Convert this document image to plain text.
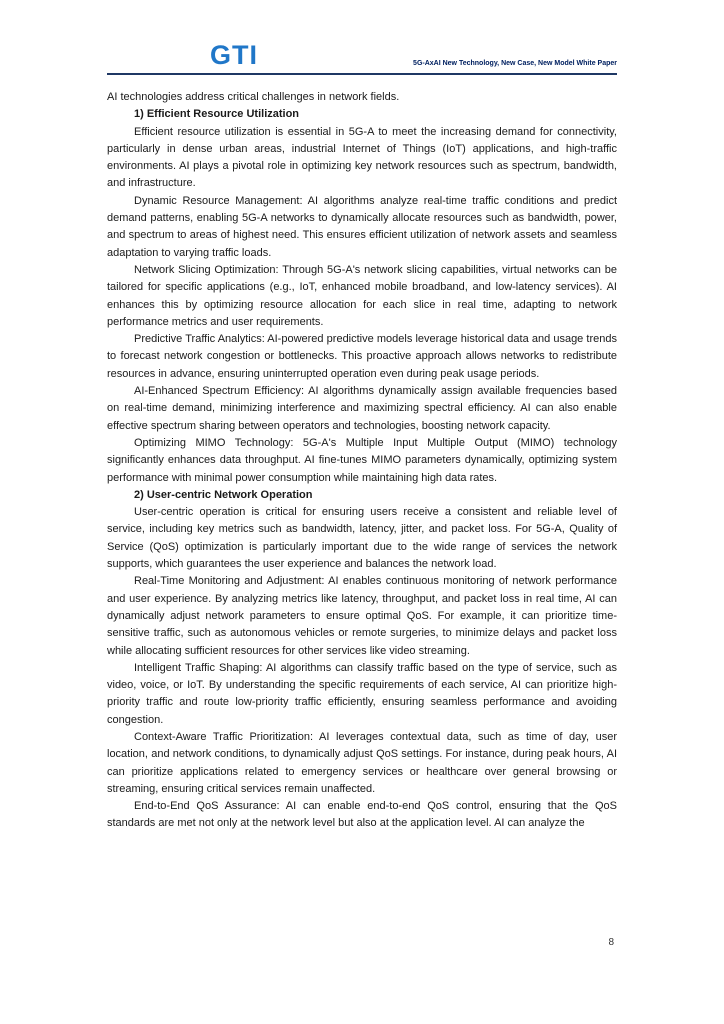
GTI	5G-AxAI New Technology, New Case, New Model White Paper

AI technologies address critical challenges in network fields.

1) Efficient Resource Utilization

Efficient resource utilization is essential in 5G-A to meet the increasing demand for connectivity, particularly in dense urban areas, industrial Internet of Things (IoT) applications, and high-traffic environments. AI plays a pivotal role in optimizing key network resources such as spectrum, bandwidth, and infrastructure.

Dynamic Resource Management: AI algorithms analyze real-time traffic conditions and predict demand patterns, enabling 5G-A networks to dynamically allocate resources such as bandwidth, power, and spectrum to areas of highest need. This ensures efficient utilization of network assets and seamless adaptation to varying traffic loads.

Network Slicing Optimization: Through 5G-A's network slicing capabilities, virtual networks can be tailored for specific applications (e.g., IoT, enhanced mobile broadband, and low-latency services). AI enhances this by optimizing resource allocation for each slice in real time, adapting to network performance metrics and user requirements.

Predictive Traffic Analytics: AI-powered predictive models leverage historical data and usage trends to forecast network congestion or bottlenecks. This proactive approach allows networks to redistribute resources in advance, ensuring uninterrupted operation even during peak usage periods.

AI-Enhanced Spectrum Efficiency: AI algorithms dynamically assign available frequencies based on real-time demand, minimizing interference and maximizing spectral efficiency. AI can also enable effective spectrum sharing between operators and technologies, boosting network capacity.

Optimizing MIMO Technology: 5G-A's Multiple Input Multiple Output (MIMO) technology significantly enhances data throughput. AI fine-tunes MIMO parameters dynamically, optimizing system performance with minimal power consumption while maintaining high data rates.

2) User-centric Network Operation

User-centric operation is critical for ensuring users receive a consistent and reliable level of service, including key metrics such as bandwidth, latency, jitter, and packet loss. For 5G-A, Quality of Service (QoS) optimization is particularly important due to the wide range of services the network supports, which guarantees the user experience and balances the network load.

Real-Time Monitoring and Adjustment: AI enables continuous monitoring of network performance and user experience. By analyzing metrics like latency, throughput, and packet loss in real time, AI can dynamically adjust network parameters to ensure optimal QoS. For example, it can prioritize time-sensitive traffic, such as autonomous vehicles or remote surgeries, to minimize delays and packet loss while allocating sufficient resources for other services like video streaming.

Intelligent Traffic Shaping: AI algorithms can classify traffic based on the type of service, such as video, voice, or IoT. By understanding the specific requirements of each service, AI can prioritize high-priority traffic and route low-priority traffic efficiently, ensuring seamless performance and avoiding congestion.

Context-Aware Traffic Prioritization: AI leverages contextual data, such as time of day, user location, and network conditions, to dynamically adjust QoS settings. For instance, during peak hours, AI can prioritize applications related to emergency services or healthcare over general browsing or streaming, ensuring critical services remain unaffected.

End-to-End QoS Assurance: AI can enable end-to-end QoS control, ensuring that the QoS standards are met not only at the network level but also at the application level. AI can analyze the

8
